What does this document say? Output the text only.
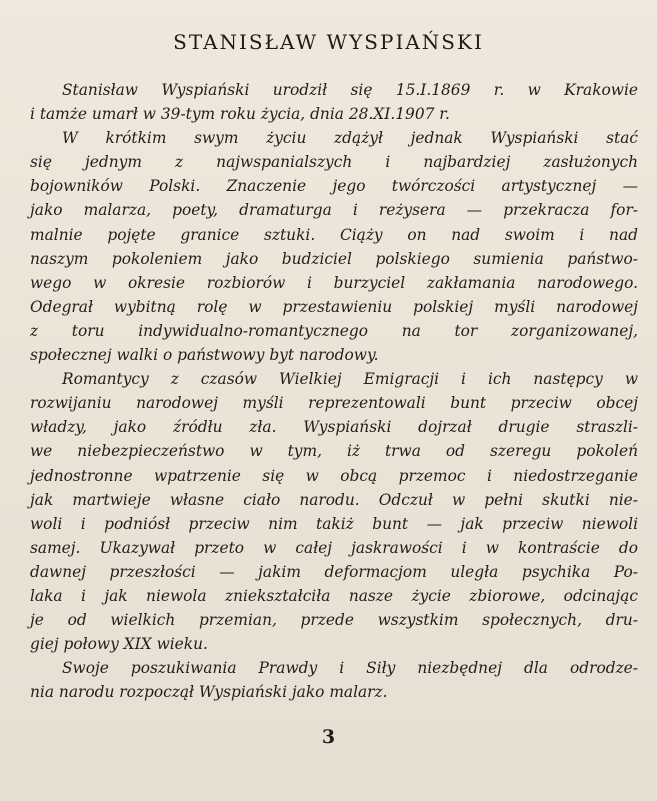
STANISŁAW WYSPIAŃSKI
Stanisław Wyspiański urodził się 15.I.1869 r. w Krakowie
i tamże umarł w 39-tym roku życia, dnia 28.XI.1907 r.
W krótkim swym życiu zdążył jednak Wyspiański stać
się jednym z najwspanialszych i najbardziej zasłużonych
bojowników Polski. Znaczenie jego twórczości artystycznej —
jako malarza, poety, dramaturga i reżysera — przekracza for-
malnie pojęte granice sztuki. Ciąży on nad swoim i nad
naszym pokoleniem jako budziciel polskiego sumienia państwo-
wego w okresie rozbiorów i burzyciel zakłamania narodowego.
Odegrał wybitną rolę w przestawieniu polskiej myśli narodowej
z toru indywidualno-romantycznego na tor zorganizowanej,
społecznej walki o państwowy byt narodowy.
Romantycy z czasów Wielkiej Emigracji i ich następcy w
rozwijaniu narodowej myśli reprezentowali bunt przeciw obcej
władzy, jako źródłu zła. Wyspiański dojrzał drugie straszli-
we niebezpieczeństwo w tym, iż trwa od szeregu pokoleń
jednostronne wpatrzenie się w obcą przemoc i niedostrzeganie
jak martwieje własne ciało narodu. Odczuł w pełni skutki nie-
woli i podniósł przeciw nim takiż bunt — jak przeciw niewoli
samej. Ukazywał przeto w całej jaskrawości i w kontraście do
dawnej przeszłości — jakim deformacjom uległa psychika Po-
laka i jak niewola zniekształciła nasze życie zbiorowe, odcinając
je od wielkich przemian, przede wszystkim społecznych, dru-
giej połowy XIX wieku.
Swoje poszukiwania Prawdy i Siły niezbędnej dla odrodze-
nia narodu rozpoczął Wyspiański jako malarz.
3
